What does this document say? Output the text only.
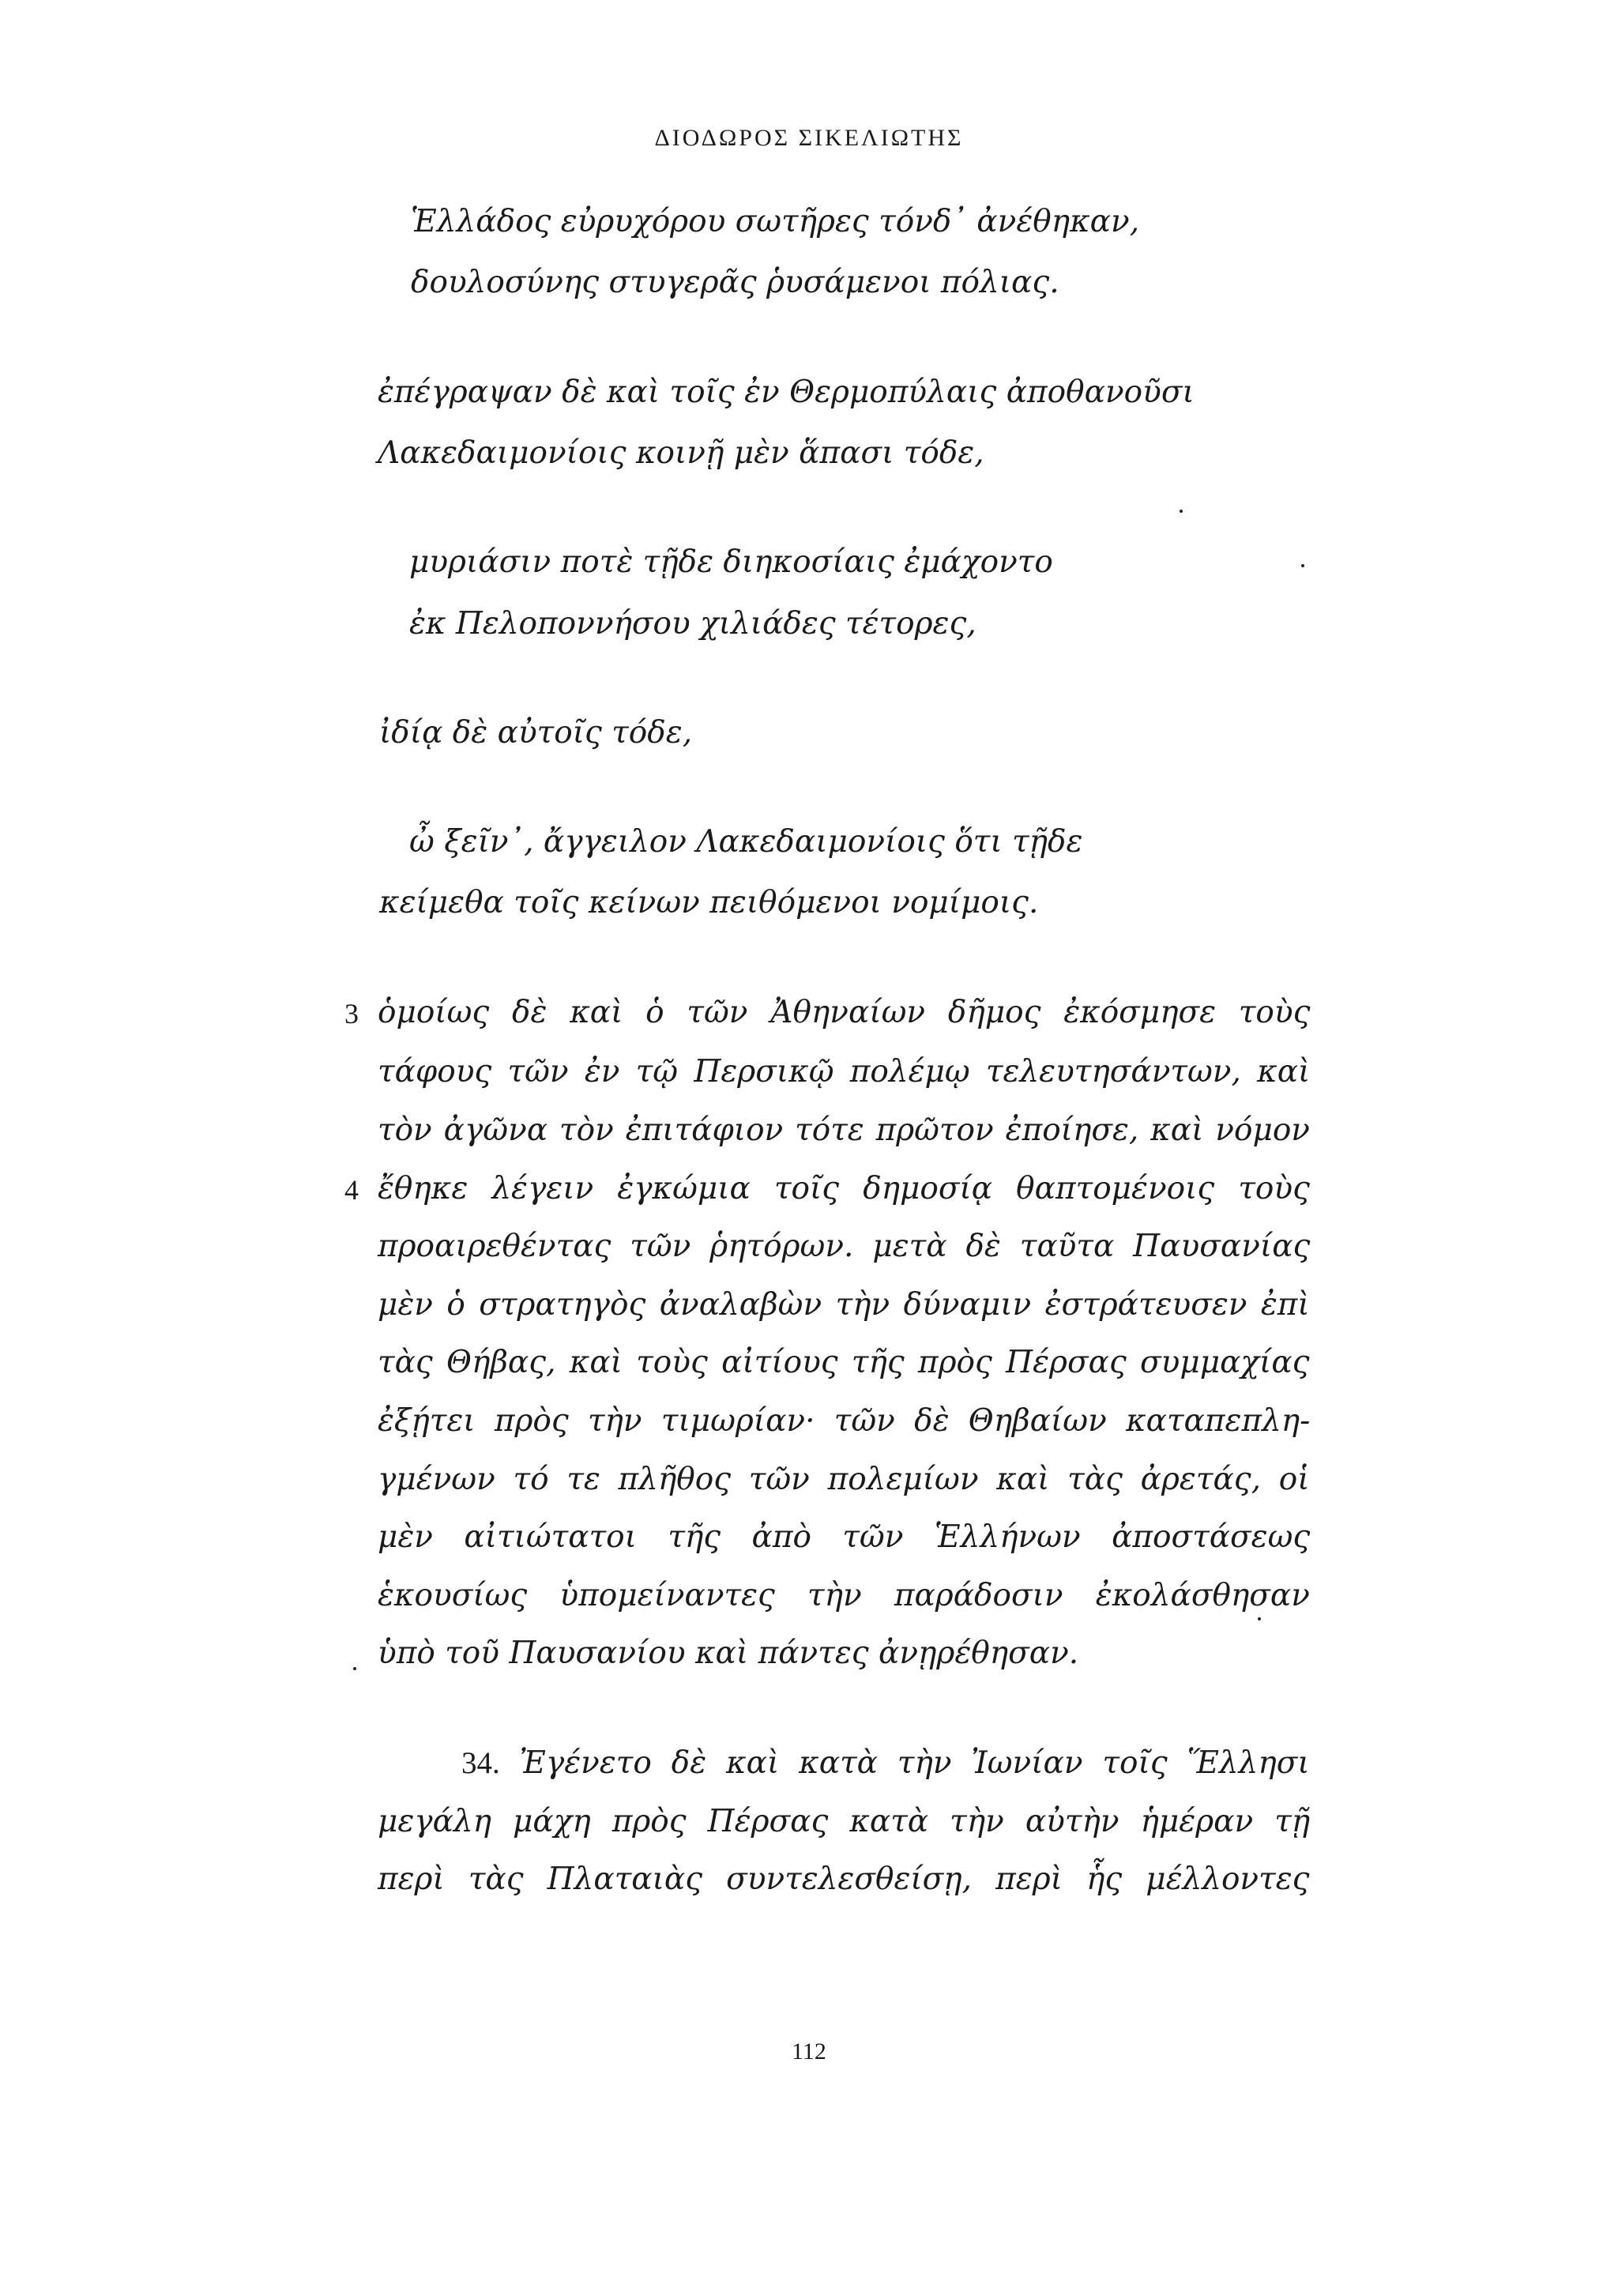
ΔΙΟΔΩΡΟΣ ΣΙΚΕΛΙΩΤΗΣ
Ἑλλάδος εὐρυχόρου σωτῆρες τόνδ᾽ ἀνέθηκαν,
δουλοσύνης στυγερᾶς ῥυσάμενοι πόλιας.
ἐπέγραψαν δὲ καὶ τοῖς ἐν Θερμοπύλαις ἀποθανοῦσι
Λακεδαιμονίοις κοινῇ μὲν ἅπασι τόδε,
μυριάσιν ποτὲ τῇδε διηκοσίαις ἐμάχοντο
ἐκ Πελοποννήσου χιλιάδες τέτορες,
ἰδίᾳ δὲ αὐτοῖς τόδε,
ὦ ξεῖν᾽, ἄγγειλον Λακεδαιμονίοις ὅτι τῇδε
κείμεθα τοῖς κείνων πειθόμενοι νομίμοις.
3
4
ὁμοίως δὲ καὶ ὁ τῶν Ἀθηναίων δῆμος ἐκόσμησε τοὺς
τάφους τῶν ἐν τῷ Περσικῷ πολέμῳ τελευτησάντων, καὶ
τὸν ἀγῶνα τὸν ἐπιτάφιον τότε πρῶτον ἐποίησε, καὶ νόμον
ἔθηκε λέγειν ἐγκώμια τοῖς δημοσίᾳ θαπτομένοις τοὺς
προαιρεθέντας τῶν ῥητόρων. μετὰ δὲ ταῦτα Παυσανίας
μὲν ὁ στρατηγὸς ἀναλαβὼν τὴν δύναμιν ἐστράτευσεν ἐπὶ
τὰς Θήβας, καὶ τοὺς αἰτίους τῆς πρὸς Πέρσας συμμαχίας
ἐξῄτει πρὸς τὴν τιμωρίαν· τῶν δὲ Θηβαίων καταπεπλη-
γμένων τό τε πλῆθος τῶν πολεμίων καὶ τὰς ἀρετάς, οἱ
μὲν αἰτιώτατοι τῆς ἀπὸ τῶν Ἑλλήνων ἀποστάσεως
ἑκουσίως ὑπομείναντες τὴν παράδοσιν ἐκολάσθησαν
ὑπὸ τοῦ Παυσανίου καὶ πάντες ἀνῃρέθησαν.
34. Ἐγένετο δὲ καὶ κατὰ τὴν Ἰωνίαν τοῖς Ἕλλησι
μεγάλη μάχη πρὸς Πέρσας κατὰ τὴν αὐτὴν ἡμέραν τῇ
περὶ τὰς Πλαταιὰς συντελεσθείσῃ, περὶ ἧς μέλλοντες
112
